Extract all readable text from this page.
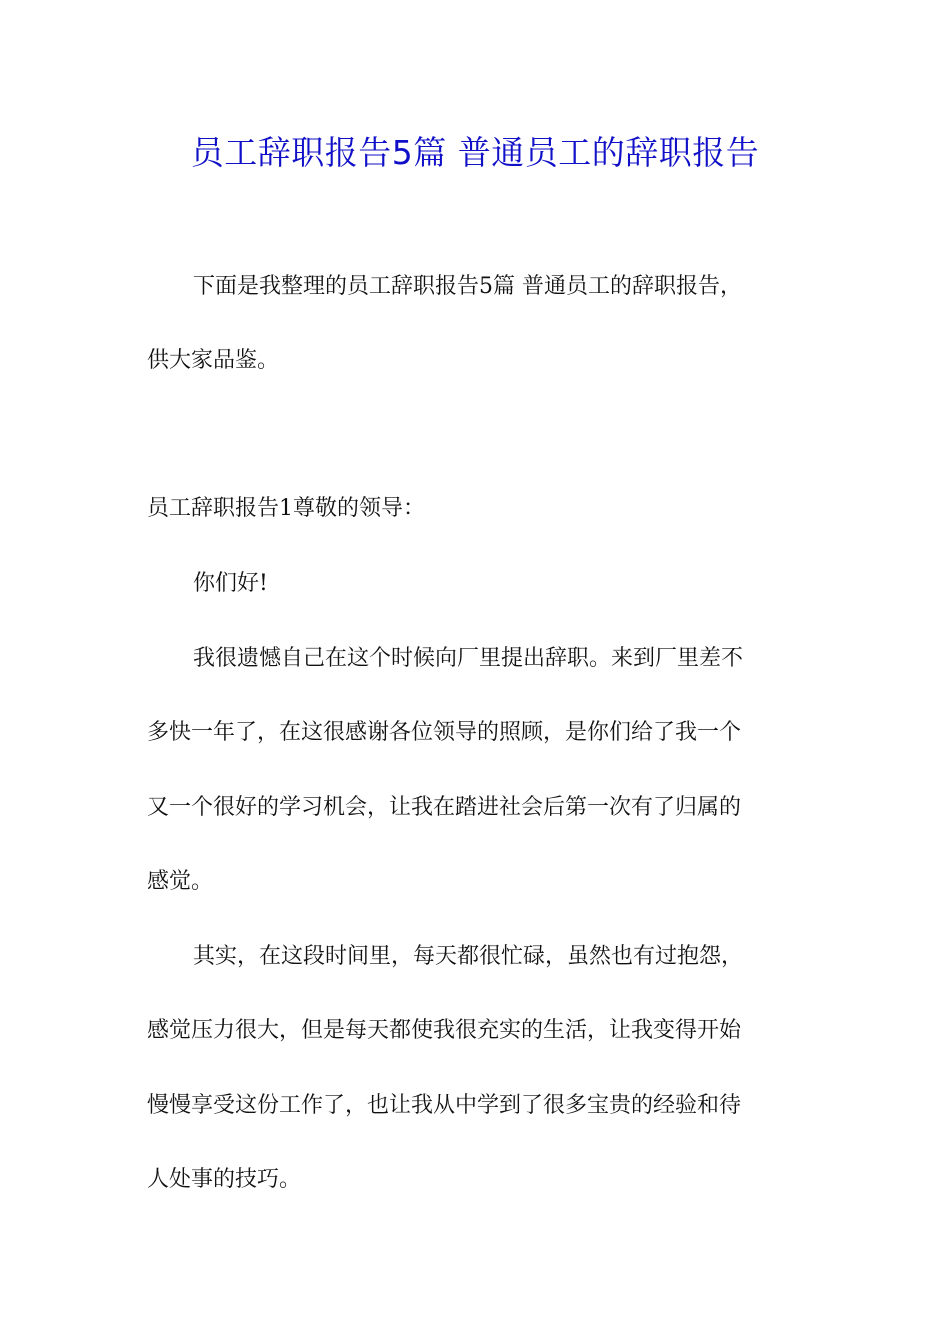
员工辞职报告5篇 普通员工的辞职报告
下面是我整理的员工辞职报告5篇 普通员工的辞职报告，
供大家品鉴。
员工辞职报告1尊敬的领导：
你们好!
我很遗憾自己在这个时候向厂里提出辞职。来到厂里差不
多快一年了，在这很感谢各位领导的照顾，是你们给了我一个
又一个很好的学习机会，让我在踏进社会后第一次有了归属的
感觉。
其实，在这段时间里，每天都很忙碌，虽然也有过抱怨，
感觉压力很大，但是每天都使我很充实的生活，让我变得开始
慢慢享受这份工作了，也让我从中学到了很多宝贵的经验和待
人处事的技巧。
